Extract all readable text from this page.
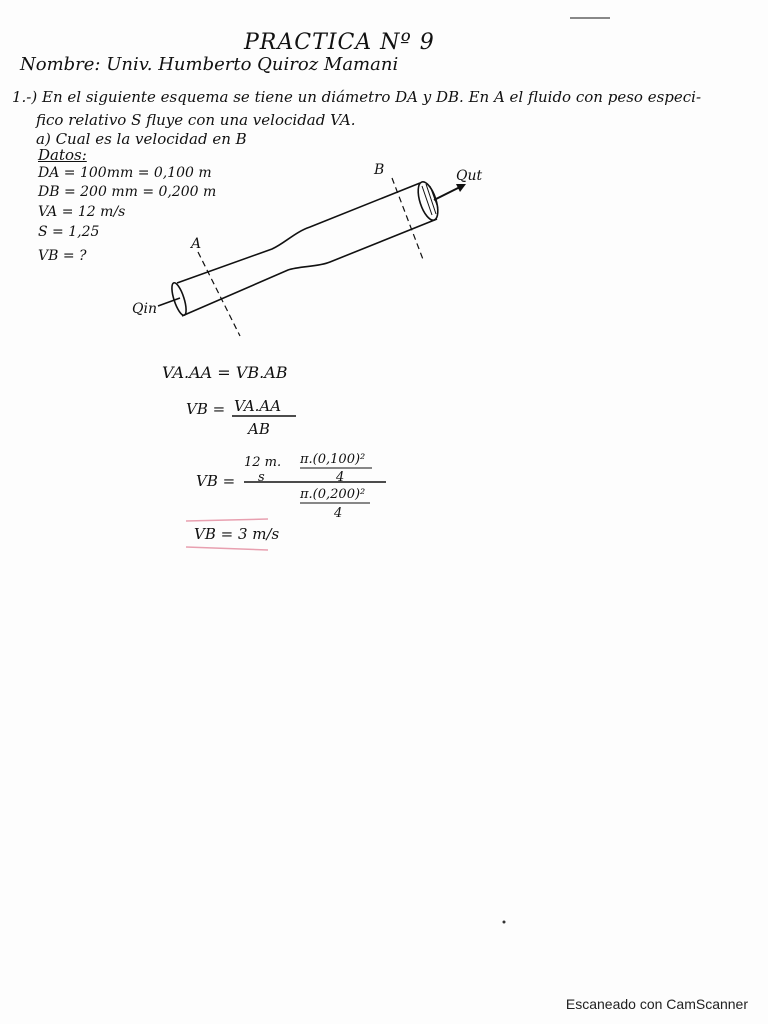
PRACTICA Nº 9
Nombre: Univ. Humberto Quiroz Mamani
1.-) En el siguiente esquema se tiene un diámetro DA y DB. En A el fluido con peso especi-
fico relativo S fluye con una velocidad VA.
a) Cual es la velocidad en B
Datos:
DA = 100mm = 0,100 m
DB = 200 mm = 0,200 m
VA = 12 m/s
S = 1,25
VB = ?
A
B	Qut
Qin
VA.AA = VB.AB
VB = VA.AA
AB
VB =
12 m.
s
π.(0,100)²
4
π.(0,200)²
4
VB = 3 m/s
Escaneado con CamScanner
